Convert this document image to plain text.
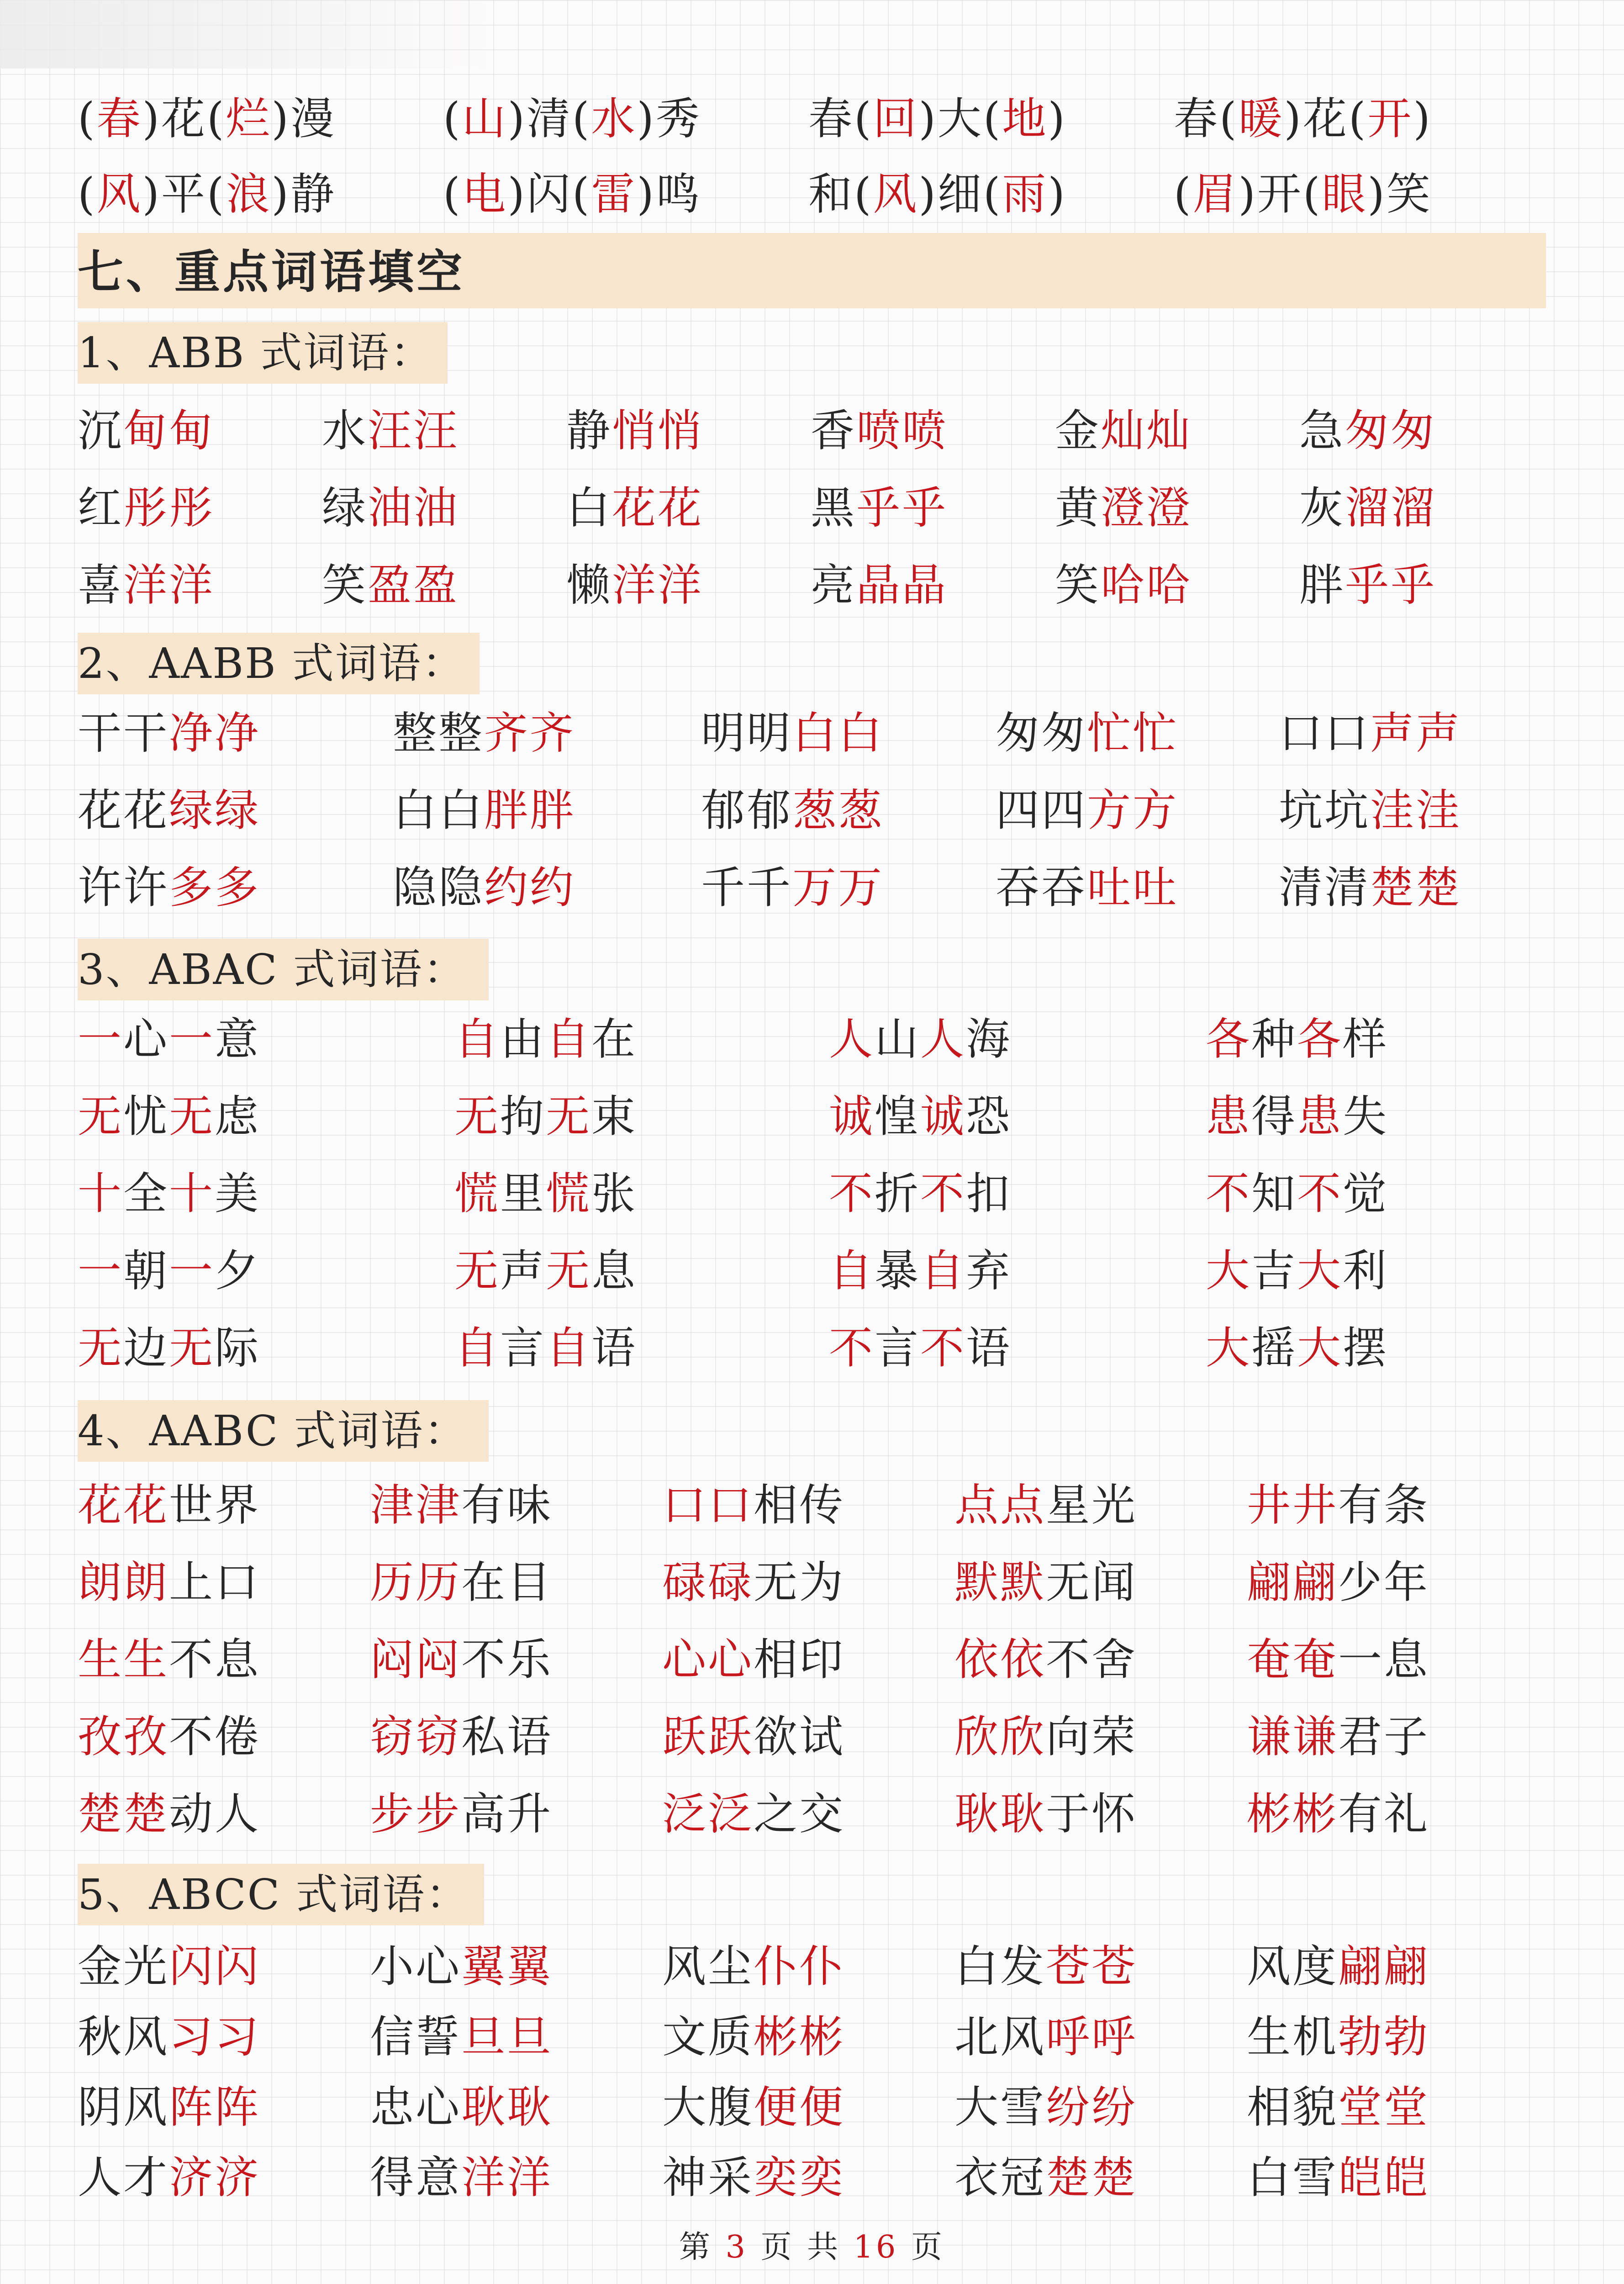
(春)花(烂)漫 (山)清(水)秀 春(回)大(地) 春(暖)花(开)
(风)平(浪)静 (电)闪(雷)鸣 和(风)细(雨) (眉)开(眼)笑
七、重点词语填空
1、ABB 式词语：
沉甸甸 水汪汪 静悄悄 香喷喷 金灿灿 急匆匆
红彤彤 绿油油 白花花 黑乎乎 黄澄澄 灰溜溜
喜洋洋 笑盈盈 懒洋洋 亮晶晶 笑哈哈 胖乎乎
2、AABB 式词语：
干干净净	整整齐齐	明明白白	匆匆忙忙 口口声声
花花绿绿	白白胖胖	郁郁葱葱	四四方方 坑坑洼洼
许许多多	隐隐约约	千千万万	吞吞吐吐 清清楚楚
3、ABAC 式词语：
一心一意	自由自在	人山人海	各种各样
无忧无虑	无拘无束	诚惶诚恐	患得患失
十全十美	慌里慌张	不折不扣	不知不觉
一朝一夕	无声无息	自暴自弃	大吉大利
无边无际	自言自语	不言不语	大摇大摆
4、AABC 式词语：
花花世界	津津有味	口口相传	点点星光	井井有条
朗朗上口	历历在目	碌碌无为	默默无闻	翩翩少年
生生不息	闷闷不乐	心心相印	依依不舍	奄奄一息
孜孜不倦	窃窃私语	跃跃欲试	欣欣向荣	谦谦君子
楚楚动人	步步高升	泛泛之交	耿耿于怀	彬彬有礼
5、ABCC 式词语：
金光闪闪	小心翼翼	风尘仆仆	白发苍苍	风度翩翩
秋风习习	信誓旦旦	文质彬彬	北风呼呼	生机勃勃
阴风阵阵	忠心耿耿	大腹便便	大雪纷纷	相貌堂堂
人才济济	得意洋洋	神采奕奕	衣冠楚楚	白雪皑皑
第 3 页 共 16 页
